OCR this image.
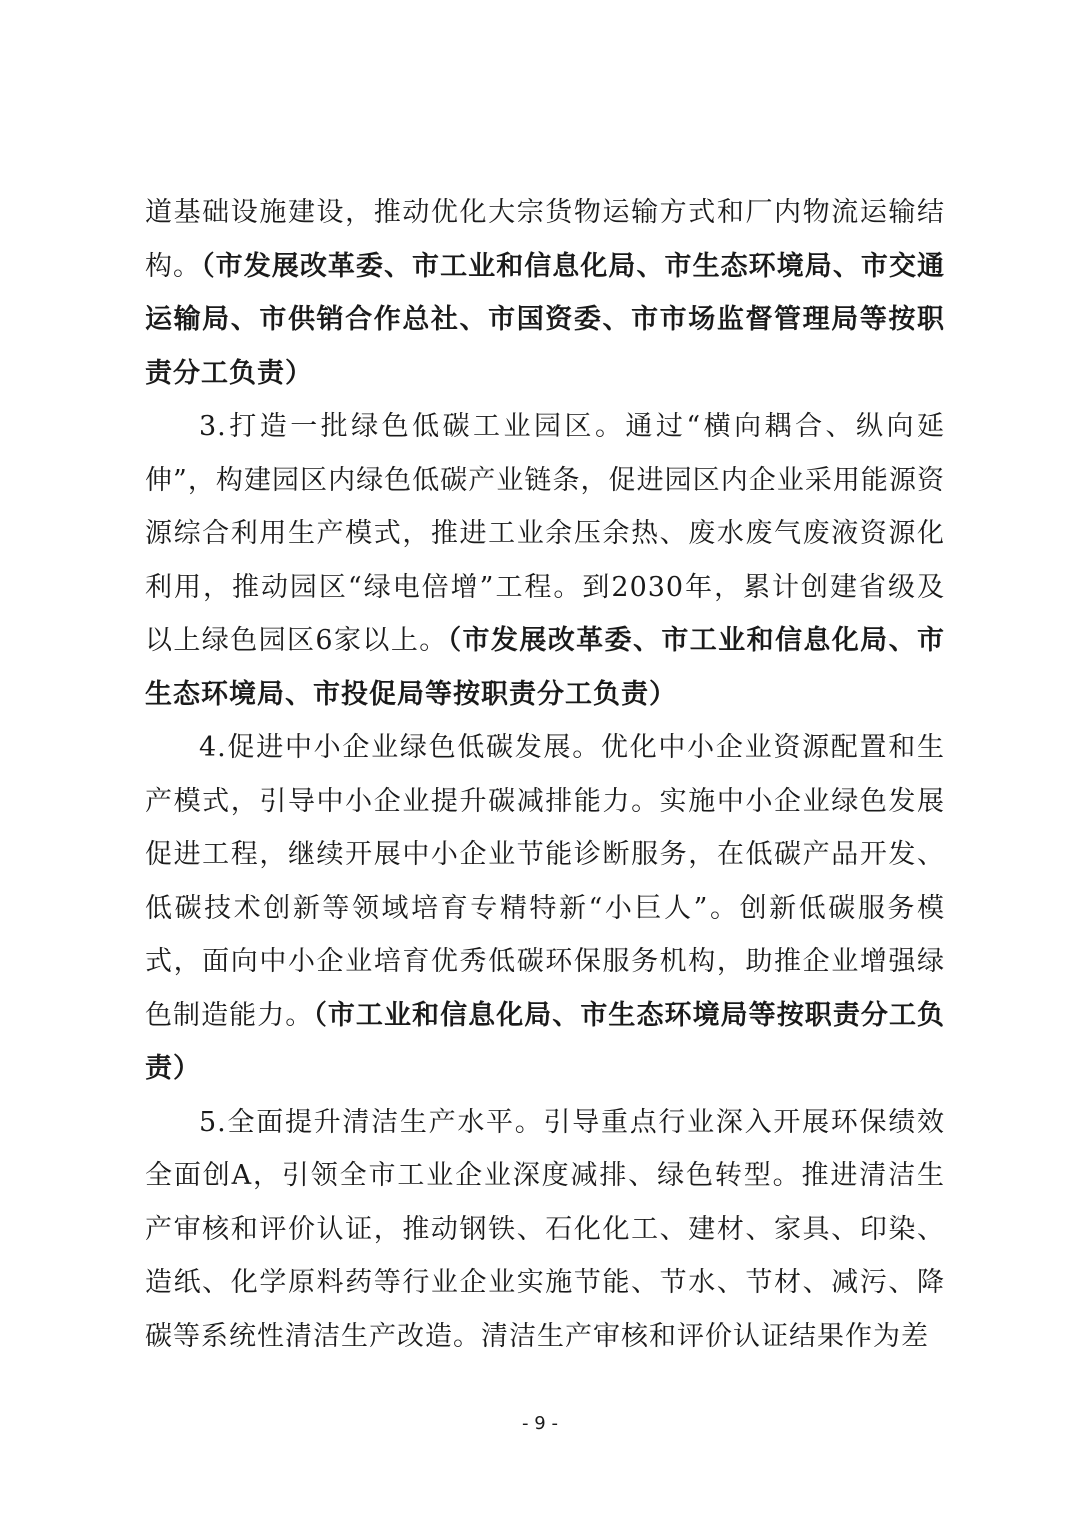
道基础设施建设，推动优化大宗货物运输方式和厂内物流运输结构。（市发展改革委、市工业和信息化局、市生态环境局、市交通运输局、市供销合作总社、市国资委、市市场监督管理局等按职责分工负责）

3.打造一批绿色低碳工业园区。通过“横向耦合、纵向延伸”，构建园区内绿色低碳产业链条，促进园区内企业采用能源资源综合利用生产模式，推进工业余压余热、废水废气废液资源化利用，推动园区“绿电倍增”工程。到2030年，累计创建省级及以上绿色园区6家以上。（市发展改革委、市工业和信息化局、市生态环境局、市投促局等按职责分工负责）

4.促进中小企业绿色低碳发展。优化中小企业资源配置和生产模式，引导中小企业提升碳减排能力。实施中小企业绿色发展促进工程，继续开展中小企业节能诊断服务，在低碳产品开发、低碳技术创新等领域培育专精特新“小巨人”。创新低碳服务模式，面向中小企业培育优秀低碳环保服务机构，助推企业增强绿色制造能力。（市工业和信息化局、市生态环境局等按职责分工负责）

5.全面提升清洁生产水平。引导重点行业深入开展环保绩效全面创A，引领全市工业企业深度减排、绿色转型。推进清洁生产审核和评价认证，推动钢铁、石化化工、建材、家具、印染、造纸、化学原料药等行业企业实施节能、节水、节材、减污、降碳等系统性清洁生产改造。清洁生产审核和评价认证结果作为差

- 9 -
